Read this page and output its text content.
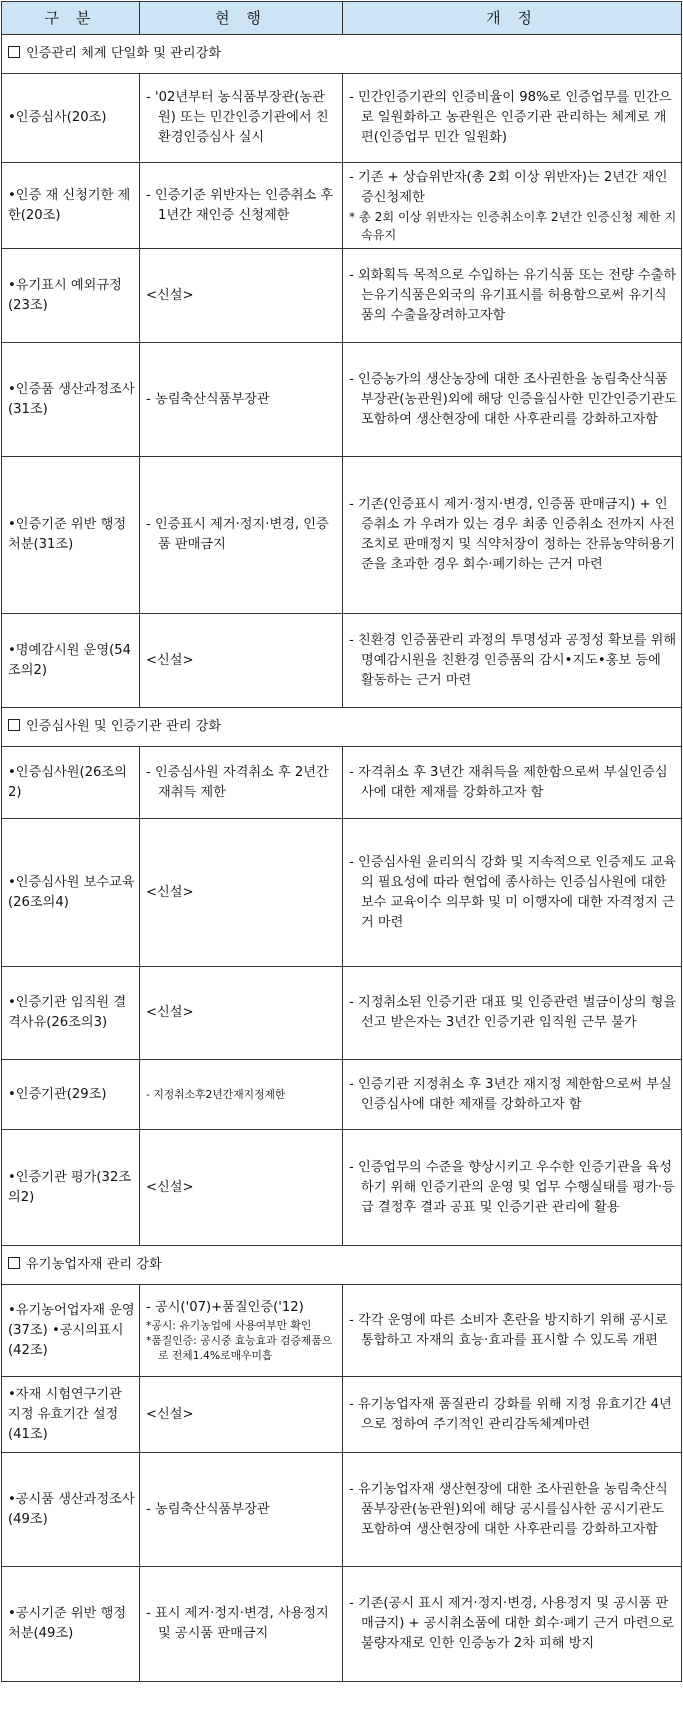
구 분	현 행	개 정
인증관리 체계 단일화 및 관리강화		
•인증심사(20조)	- '02년부터 농식품부장관(농관원) 또는 민간인증기관에서 친환경인증심사 실시	- 민간인증기관의 인증비율이 98%로 인증업무를 민간으로 일원화하고 농관원은 인증기관 관리하는 체계로 개편(인증업무 민간 일원화)

•인증 재 신청기한 제한(20조)	- 인증기준 위반자는 인증취소 후 1년간 재인증 신청제한	- 기존 + 상습위반자(총 2회 이상 위반자)는 2년간 재인증신청제한
* 총 2회 이상 위반자는 인증취소이후 2년간 인증신청 제한 지속유지

•유기표시 예외규정(23조)	<신설>	- 외화획득 목적으로 수입하는 유기식품 또는 전량 수출하는유기식품은외국의 유기표시를 허용함으로써 유기식품의 수출을장려하고자함

•인증품 생산과정조사(31조)	- 농림축산식품부장관	- 인증농가의 생산농장에 대한 조사권한을 농림축산식품부장관(농관원)외에 해당 인증을심사한 민간인증기관도 포함하여 생산현장에 대한 사후관리를 강화하고자함

•인증기준 위반 행정처분(31조)	- 인증표시 제거·정지·변경, 인증품 판매금지	- 기존(인증표시 제거·정지·변경, 인증품 판매금지) + 인증취소 가 우려가 있는 경우 최종 인증취소 전까지 사전조치로 판매정지 및 식약처장이 정하는 잔류농약허용기준을 초과한 경우 회수·폐기하는 근거 마련

•명예감시원 운영(54조의2)	<신설>	- 친환경 인증품관리 과정의 투명성과 공정성 확보를 위해 명예감시원을 친환경 인증품의 감시•지도•홍보 등에 활동하는 근거 마련

인증심사원 및 인증기관 관리 강화		
•인증심사원(26조의2)	- 인증심사원 자격취소 후 2년간 재취득 제한	- 자격취소 후 3년간 재취득을 제한함으로써 부실인증심사에 대한 제재를 강화하고자 함

•인증심사원 보수교육(26조의4)	<신설>	- 인증심사원 윤리의식 강화 및 지속적으로 인증제도 교육의 필요성에 따라 현업에 종사하는 인증심사원에 대한 보수 교육이수 의무화 및 미 이행자에 대한 자격정지 근거 마련

•인증기관 임직원 결격사유(26조의3)	<신설>	- 지정취소된 인증기관 대표 및 인증관련 벌금이상의 형을 선고 받은자는 3년간 인증기관 임직원 근무 불가

•인증기관(29조)	- 지정취소후2년간재지정제한	- 인증기관 지정취소 후 3년간 재지정 제한함으로써 부실인증심사에 대한 제재를 강화하고자 함

•인증기관 평가(32조의2)	<신설>	- 인증업무의 수준을 향상시키고 우수한 인증기관을 육성하기 위해 인증기관의 운영 및 업무 수행실태를 평가·등급 결정후 결과 공표 및 인증기관 관리에 활용

유기농업자재 관리 강화		
•유기농어업자재 운영 (37조) •공시의표시(42조)	- 공시('07)+품질인증('12)
*공시: 유기농업에 사용여부만 확인
*품질인증: 공시중 효능효과 검증제품으로 전체1.4%로매우미흡	- 각각 운영에 따른 소비자 혼란을 방지하기 위해 공시로 통합하고 자재의 효능·효과를 표시할 수 있도록 개편

•자재 시험연구기관 지정 유효기간 설정(41조)	<신설>	- 유기농업자재 품질관리 강화를 위해 지정 유효기간 4년으로 정하여 주기적인 관리감독체계마련

•공시품 생산과정조사(49조)	- 농림축산식품부장관	- 유기농업자재 생산현장에 대한 조사권한을 농림축산식품부장관(농관원)외에 해당 공시를심사한 공시기관도 포함하여 생산현장에 대한 사후관리를 강화하고자함

•공시기준 위반 행정처분(49조)	- 표시 제거·정지·변경, 사용정지 및 공시품 판매금지	- 기존(공시 표시 제거·정지·변경, 사용정지 및 공시품 판매금지) + 공시취소품에 대한 회수·폐기 근거 마련으로 불량자재로 인한 인증농가 2차 피해 방지
